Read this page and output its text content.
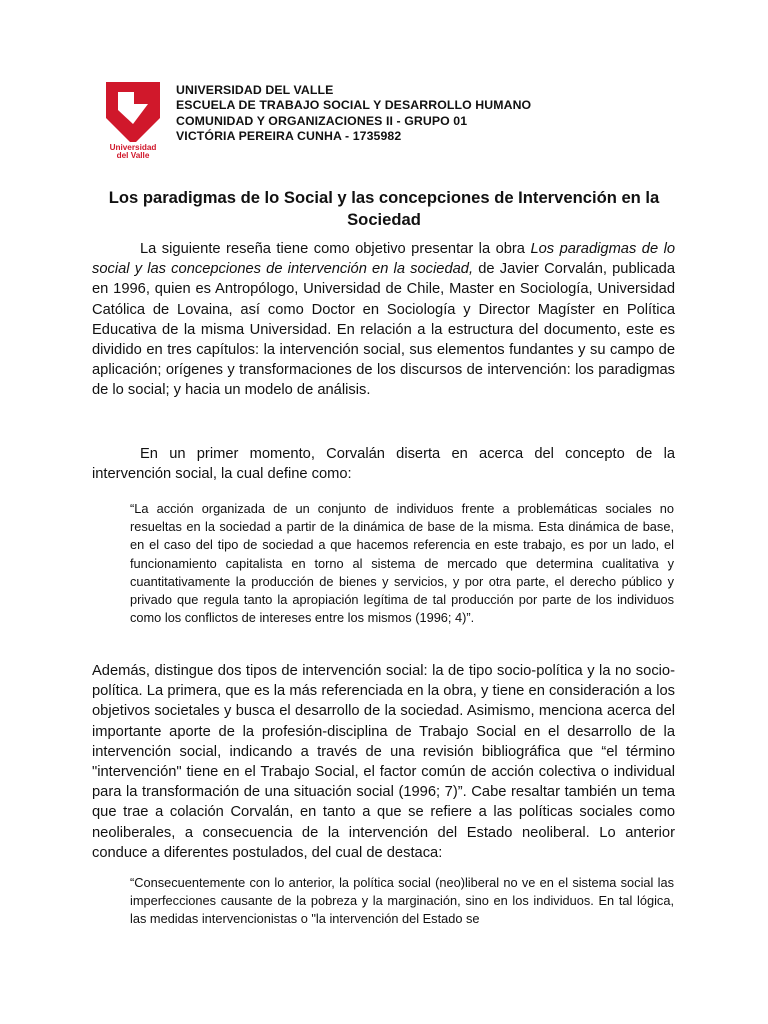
Universidad
del Valle
UNIVERSIDAD DEL VALLE
ESCUELA DE TRABAJO SOCIAL Y DESARROLLO HUMANO
COMUNIDAD Y ORGANIZACIONES II - GRUPO 01
VICTÓRIA PEREIRA CUNHA - 1735982
Los paradigmas de lo Social y las concepciones de Intervención en la Sociedad

La siguiente reseña tiene como objetivo presentar la obra Los paradigmas de lo social y las concepciones de intervención en la sociedad, de Javier Corvalán, publicada en 1996, quien es Antropólogo, Universidad de Chile, Master en Sociología, Universidad Católica de Lovaina, así como Doctor en Sociología y Director Magíster en Política Educativa de la misma Universidad. En relación a la estructura del documento, este es dividido en tres capítulos: la intervención social, sus elementos fundantes y su campo de aplicación; orígenes y transformaciones de los discursos de intervención: los paradigmas de lo social; y hacia un modelo de análisis.

En un primer momento, Corvalán diserta en acerca del concepto de la intervención social, la cual define como:

“La acción organizada de un conjunto de individuos frente a problemáticas sociales no resueltas en la sociedad a partir de la dinámica de base de la misma. Esta dinámica de base, en el caso del tipo de sociedad a que hacemos referencia en este trabajo, es por un lado, el funcionamiento capitalista en torno al sistema de mercado que determina cualitativa y cuantitativamente la producción de bienes y servicios, y por otra parte, el derecho público y privado que regula tanto la apropiación legítima de tal producción por parte de los individuos como los conflictos de intereses entre los mismos (1996; 4)”.

Además, distingue dos tipos de intervención social: la de tipo socio-política y la no socio-política. La primera, que es la más referenciada en la obra, y tiene en consideración a los objetivos societales y busca el desarrollo de la sociedad. Asimismo, menciona acerca del importante aporte de la profesión-disciplina de Trabajo Social en el desarrollo de la intervención social, indicando a través de una revisión bibliográfica que “el término "intervención" tiene en el Trabajo Social, el factor común de acción colectiva o individual para la transformación de una situación social (1996; 7)”. Cabe resaltar también un tema que trae a colación Corvalán, en tanto a que se refiere a las políticas sociales como neoliberales, a consecuencia de la intervención del Estado neoliberal. Lo anterior conduce a diferentes postulados, del cual de destaca:

“Consecuentemente con lo anterior, la política social (neo)liberal no ve en el sistema social las imperfecciones causante de la pobreza y la marginación, sino en los individuos. En tal lógica, las medidas intervencionistas o "la intervención del Estado se
